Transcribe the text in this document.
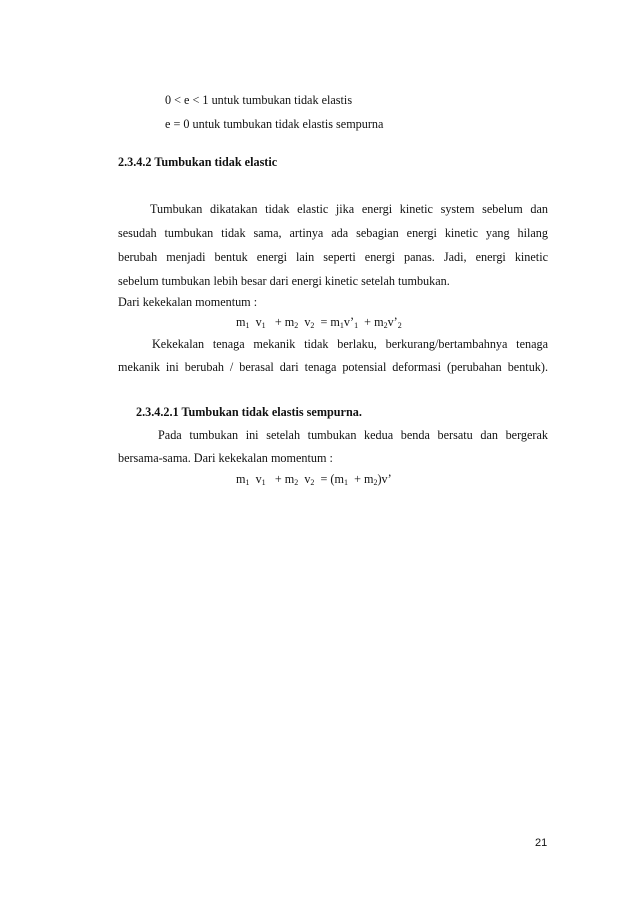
0 < e < 1 untuk tumbukan tidak elastis
e = 0 untuk tumbukan tidak elastis sempurna
2.3.4.2 Tumbukan tidak elastic
Tumbukan dikatakan tidak elastic jika energi kinetic system sebelum dan
sesudah tumbukan tidak sama, artinya ada sebagian energi kinetic yang hilang
berubah menjadi bentuk energi lain seperti energi panas. Jadi, energi kinetic
sebelum tumbukan lebih besar dari energi kinetic setelah tumbukan.
Dari kekekalan momentum :
$m_1$  $v_1 + m_2$  $v_2$  = $m_1v’_1$  + $m_2v’_2$
Kekekalan tenaga mekanik tidak berlaku, berkurang/bertambahnya tenaga
mekanik ini berubah / berasal dari tenaga potensial deformasi (perubahan bentuk).
2.3.4.2.1 Tumbukan tidak elastis sempurna.
Pada tumbukan ini setelah tumbukan kedua benda bersatu dan bergerak
bersama-sama. Dari kekekalan momentum :
$m_1$  $v_1 + m_2$  $v_2 = (m_1 + m_2)v$’
21
